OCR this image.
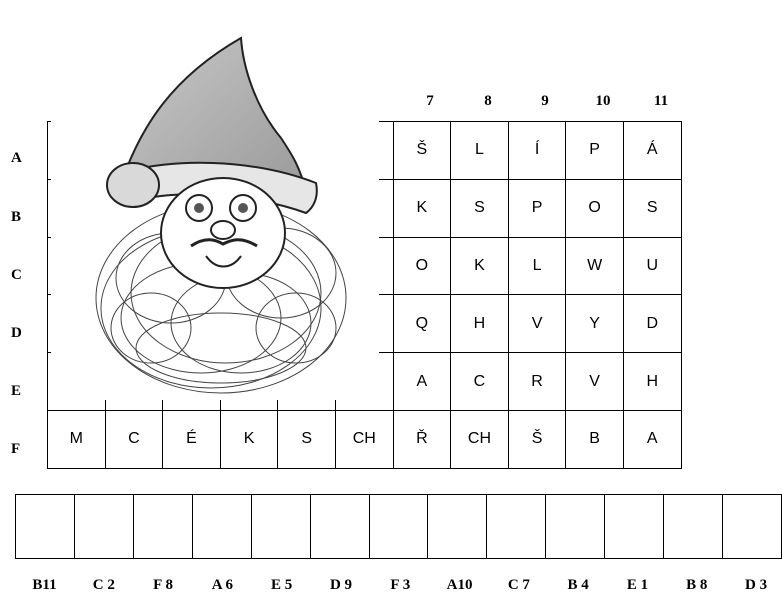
7	8	9	10	11
A
B
C
D
E
F
						Š	L	Í	P	Á
						K	S	P	O	S
						O	K	L	W	U
						Q	H	V	Y	D
						A	C	R	V	H
M	C	É	K	S	CH	Ř	CH	Š	B	A

B11	C 2	F 8	A 6	E 5	D 9	F 3	A10	C 7	B 4	E 1	B 8	D 3
